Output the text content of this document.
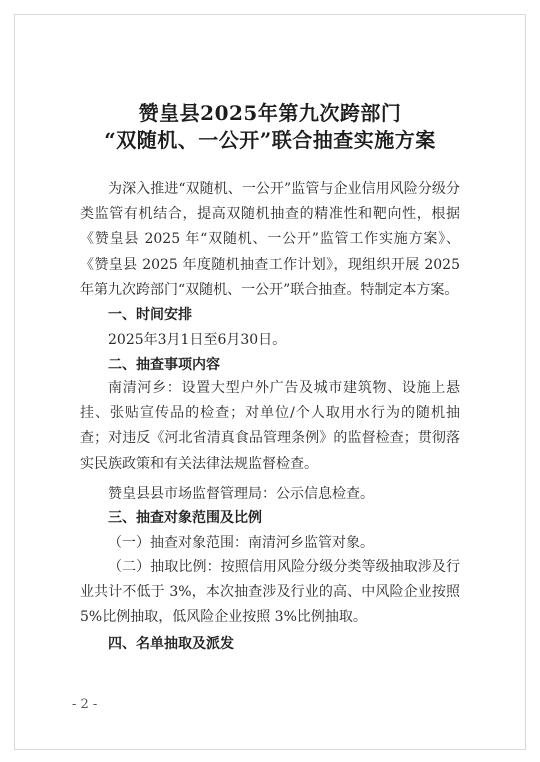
赞皇县2025年第九次跨部门
“双随机、一公开”联合抽查实施方案

为深入推进“双随机、一公开”监管与企业信用风险分级分类监管有机结合，提高双随机抽查的精准性和靶向性，根据《赞皇县 2025 年“双随机、一公开”监管工作实施方案》、《赞皇县 2025 年度随机抽查工作计划》，现组织开展 2025 年第九次跨部门“双随机、一公开”联合抽查。特制定本方案。

一、时间安排

2025年3月1日至6月30日。

二、抽查事项内容

南清河乡：设置大型户外广告及城市建筑物、设施上悬挂、张贴宣传品的检查；对单位/个人取用水行为的随机抽查；对违反《河北省清真食品管理条例》的监督检查；贯彻落实民族政策和有关法律法规监督检查。

赞皇县县市场监督管理局：公示信息检查。

三、抽查对象范围及比例

（一）抽查对象范围：南清河乡监管对象。

（二）抽取比例：按照信用风险分级分类等级抽取涉及行业共计不低于 3%，本次抽查涉及行业的高、中风险企业按照 5%比例抽取，低风险企业按照 3%比例抽取。

四、名单抽取及派发

- 2 -
